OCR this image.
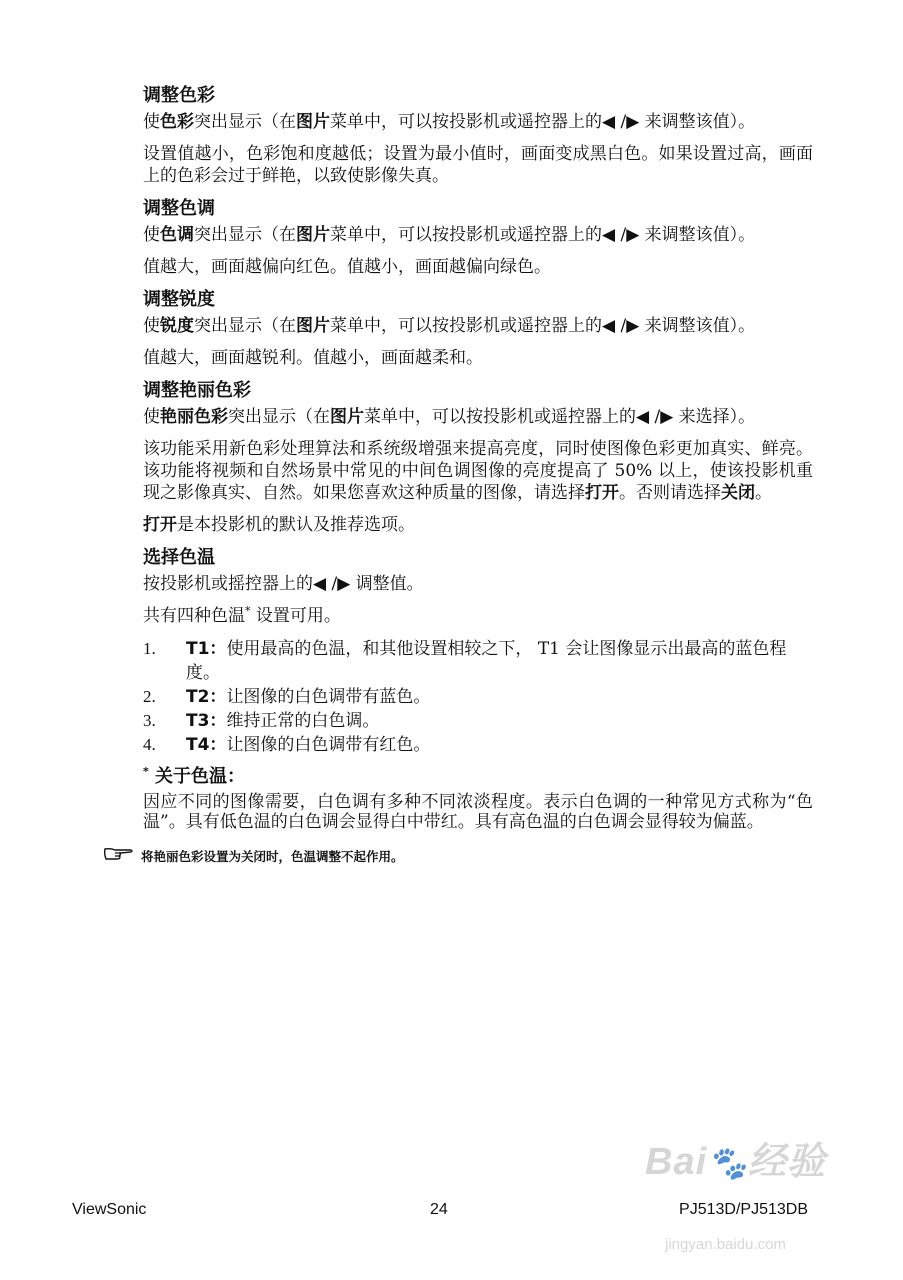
调整色彩
使色彩突出显示（在图片菜单中，可以按投影机或遥控器上的◀ /▶ 来调整该值）。
设置值越小，色彩饱和度越低；设置为最小值时，画面变成黑白色。如果设置过高，画面上的色彩会过于鲜艳，以致使影像失真。
调整色调
使色调突出显示（在图片菜单中，可以按投影机或遥控器上的◀ /▶ 来调整该值）。
值越大，画面越偏向红色。值越小，画面越偏向绿色。
调整锐度
使锐度突出显示（在图片菜单中，可以按投影机或遥控器上的◀ /▶ 来调整该值）。
值越大，画面越锐利。值越小，画面越柔和。
调整艳丽色彩
使艳丽色彩突出显示（在图片菜单中，可以按投影机或遥控器上的◀ /▶ 来选择）。
该功能采用新色彩处理算法和系统级增强来提高亮度，同时使图像色彩更加真实、鲜亮。该功能将视频和自然场景中常见的中间色调图像的亮度提高了 50% 以上，使该投影机重现之影像真实、自然。如果您喜欢这种质量的图像，请选择打开。否则请选择关闭。
打开是本投影机的默认及推荐选项。
选择色温
按投影机或摇控器上的◀ /▶ 调整值。
共有四种色温* 设置可用。
1. T1：使用最高的色温，和其他设置相较之下， T1 会让图像显示出最高的蓝色程度。
2. T2：让图像的白色调带有蓝色。
3. T3：维持正常的白色调。
4. T4：让图像的白色调带有红色。
* 关于色温：
因应不同的图像需要，白色调有多种不同浓淡程度。表示白色调的一种常见方式称为“色温”。具有低色温的白色调会显得白中带红。具有高色温的白色调会显得较为偏蓝。
将艳丽色彩设置为关闭时，色温调整不起作用。
Bai🐾经验
jingyan.baidu.com
ViewSonic	24	PJ513D/PJ513DB
